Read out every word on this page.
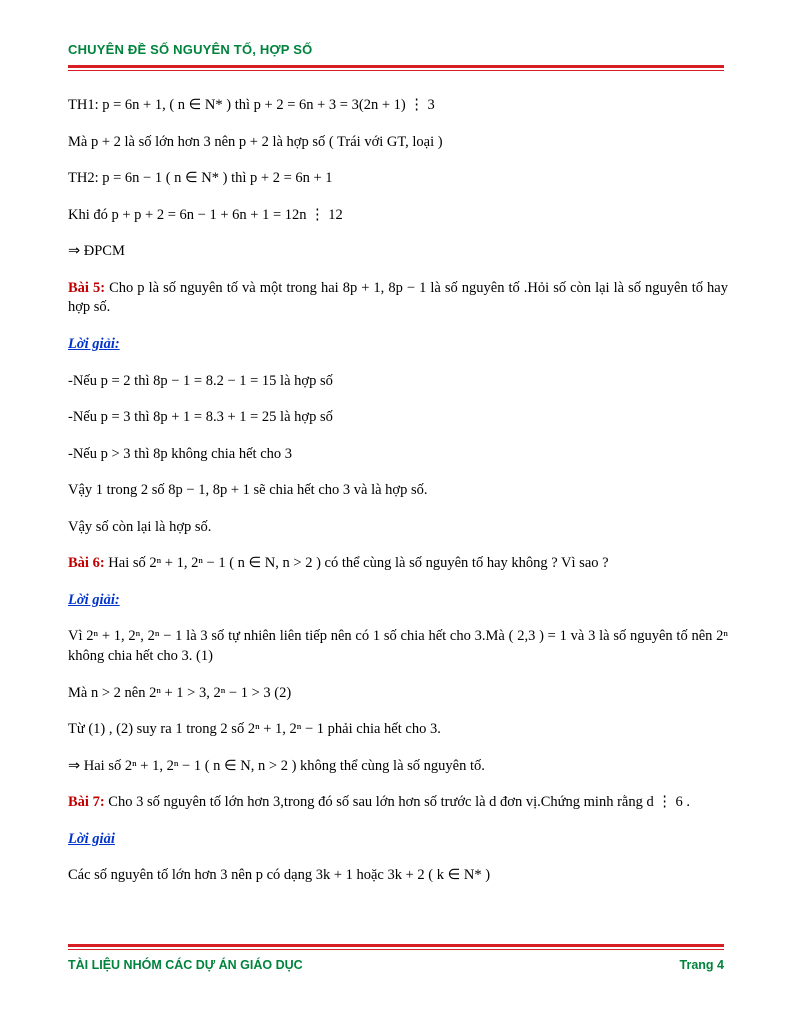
CHUYÊN ĐỀ SỐ NGUYÊN TỐ, HỢP SỐ

TH1: p = 6n + 1, ( n ∈ N* ) thì p + 2 = 6n + 3 = 3(2n + 1) ⋮ 3

Mà p + 2 là số lớn hơn 3 nên p + 2 là hợp số ( Trái với GT, loại )

TH2: p = 6n − 1 ( n ∈ N* ) thì p + 2 = 6n + 1

Khi đó p + p + 2 = 6n − 1 + 6n + 1 = 12n ⋮ 12

⇒ ĐPCM

Bài 5: Cho p là số nguyên tố và một trong hai 8p + 1, 8p − 1 là số nguyên tố .Hỏi số còn lại là số nguyên tố hay hợp số.

Lời giải:

-Nếu p = 2 thì 8p − 1 = 8.2 − 1 = 15 là hợp số

-Nếu p = 3 thì 8p + 1 = 8.3 + 1 = 25 là hợp số

-Nếu p > 3 thì 8p không chia hết cho 3

Vậy 1 trong 2 số 8p − 1, 8p + 1 sẽ chia hết cho 3 và là hợp số.

Vậy số còn lại là hợp số.

Bài 6: Hai số 2ⁿ + 1, 2ⁿ − 1 ( n ∈ N, n > 2 ) có thể cùng là số nguyên tố hay không ? Vì sao ?

Lời giải:

Vì 2ⁿ + 1, 2ⁿ, 2ⁿ − 1 là 3 số tự nhiên liên tiếp nên có 1 số chia hết cho 3.Mà ( 2,3 ) = 1 và 3 là số nguyên tố nên 2ⁿ không chia hết cho 3. (1)

Mà n > 2 nên 2ⁿ + 1 > 3, 2ⁿ − 1 > 3 (2)

Từ (1) , (2) suy ra 1 trong 2 số 2ⁿ + 1, 2ⁿ − 1 phải chia hết cho 3.

⇒ Hai số 2ⁿ + 1, 2ⁿ − 1 ( n ∈ N, n > 2 ) không thể cùng là số nguyên tố.

Bài 7: Cho 3 số nguyên tố lớn hơn 3,trong đó số sau lớn hơn số trước là d đơn vị.Chứng minh rằng d ⋮ 6 .

Lời giải

Các số nguyên tố lớn hơn 3 nên p có dạng 3k + 1 hoặc 3k + 2 ( k ∈ N* )

TÀI LIỆU NHÓM CÁC DỰ ÁN GIÁO DỤC	Trang 4
